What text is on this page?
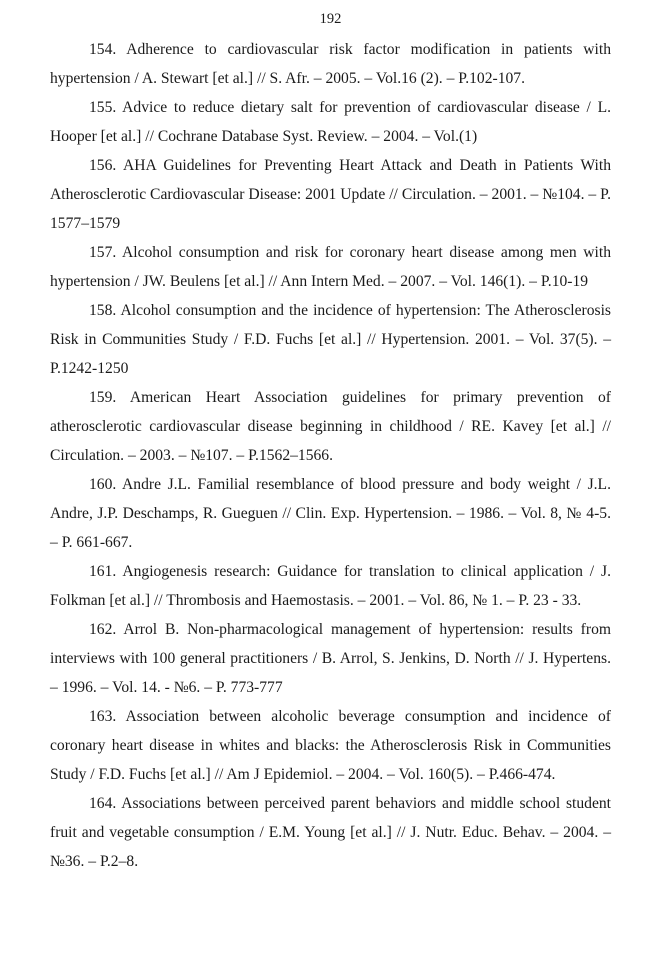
192

154. Adherence to cardiovascular risk factor modification in patients with hypertension / A. Stewart [et al.] // S. Afr. – 2005. – Vol.16 (2). – P.102-107.

155. Advice to reduce dietary salt for prevention of cardiovascular disease / L. Hooper [et al.] // Cochrane Database Syst. Review. – 2004. – Vol.(1)

156. AHA Guidelines for Preventing Heart Attack and Death in Patients With Atherosclerotic Cardiovascular Disease: 2001 Update // Circulation. – 2001. – №104. – P. 1577–1579

157. Alcohol consumption and risk for coronary heart disease among men with hypertension / JW. Beulens [et al.] // Ann Intern Med. – 2007. – Vol. 146(1). – P.10-19

158. Alcohol consumption and the incidence of hypertension: The Atherosclerosis Risk in Communities Study / F.D. Fuchs [et al.] // Hypertension. 2001. – Vol. 37(5). – P.1242-1250

159. American Heart Association guidelines for primary prevention of atherosclerotic cardiovascular disease beginning in childhood / RE. Kavey [et al.] // Circulation. – 2003. – №107. – P.1562–1566.

160. Andre J.L. Familial resemblance of blood pressure and body weight / J.L. Andre, J.P. Deschamps, R. Gueguen // Clin. Exp. Hypertension. – 1986. – Vol. 8, № 4-5. – P. 661-667.

161. Angiogenesis research: Guidance for translation to clinical application / J. Folkman [et al.] // Thrombosis and Haemostasis. – 2001. – Vol. 86, № 1. – P. 23 - 33.

162. Arrol B. Non-pharmacological management of hypertension: results from interviews with 100 general practitioners / B. Arrol, S. Jenkins, D. North // J. Hypertens. – 1996. – Vol. 14. - №6. – P. 773-777

163. Association between alcoholic beverage consumption and incidence of coronary heart disease in whites and blacks: the Atherosclerosis Risk in Communities Study / F.D. Fuchs [et al.] // Am J Epidemiol. – 2004. – Vol. 160(5). – P.466-474.

164. Associations between perceived parent behaviors and middle school student fruit and vegetable consumption / E.M. Young [et al.] // J. Nutr. Educ. Behav. – 2004. – №36. – P.2–8.
